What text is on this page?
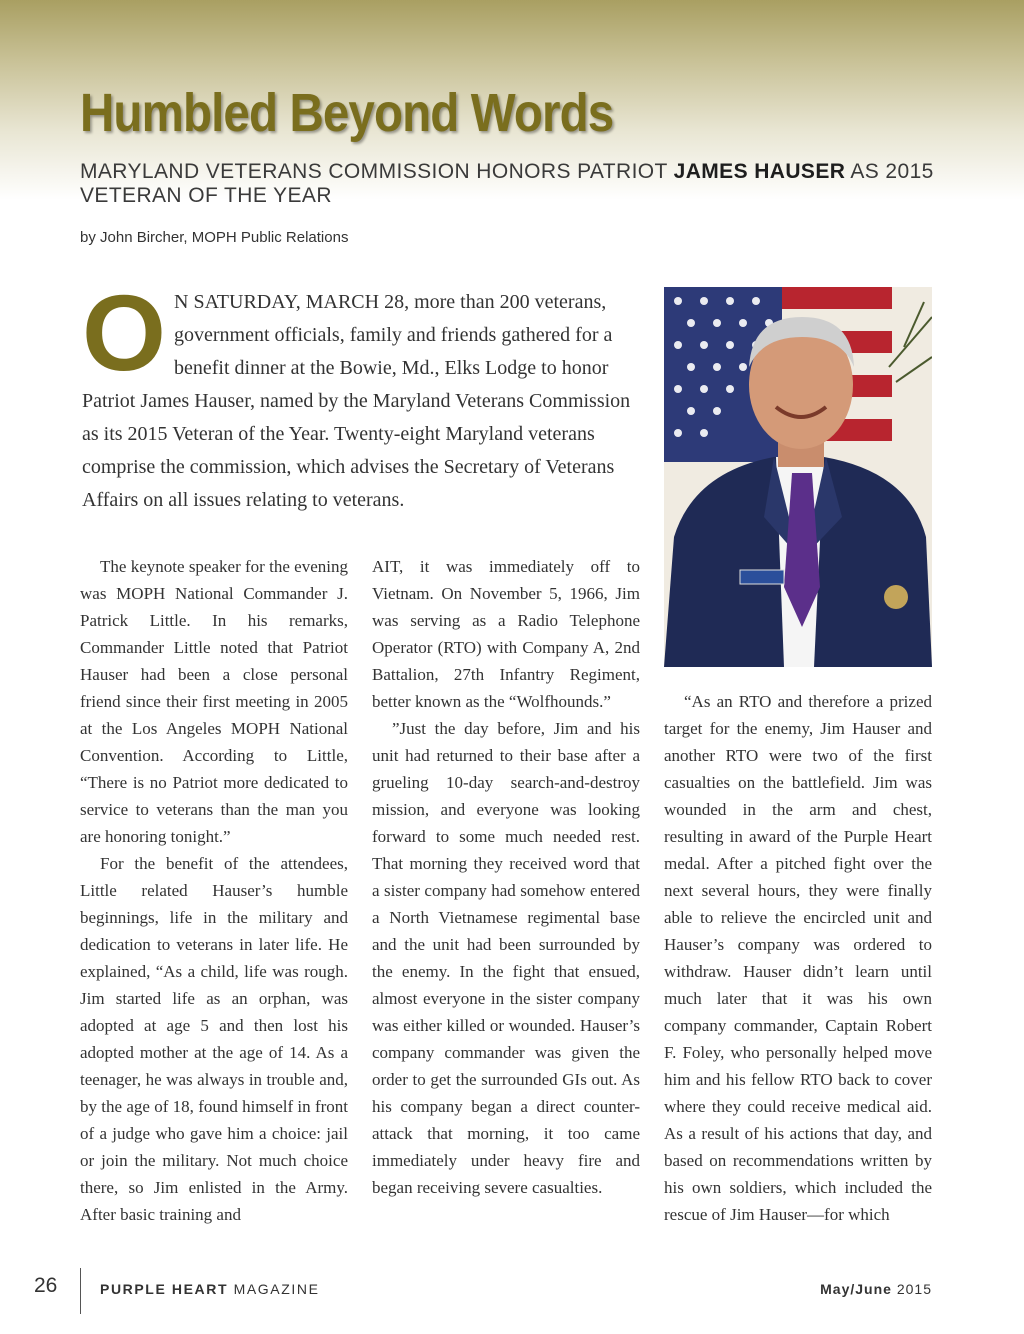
Humbled Beyond Words
MARYLAND VETERANS COMMISSION HONORS PATRIOT JAMES HAUSER AS 2015 VETERAN OF THE YEAR
by John Bircher, MOPH Public Relations
O N SATURDAY, MARCH 28, more than 200 veterans, government officials, family and friends gathered for a benefit dinner at the Bowie, Md., Elks Lodge to honor Patriot James Hauser, named by the Maryland Veterans Commission as its 2015 Veteran of the Year. Twenty-eight Maryland veterans comprise the commission, which advises the Secretary of Veterans Affairs on all issues relating to veterans.

The keynote speaker for the evening was MOPH National Commander J. Patrick Little. In his remarks, Commander Little noted that Patriot Hauser had been a close personal friend since their first meeting in 2005 at the Los Angeles MOPH National Convention. According to Little, “There is no Patriot more dedicated to service to veterans than the man you are honoring tonight.”

For the benefit of the attendees, Little related Hauser’s humble beginnings, life in the military and dedication to veterans in later life. He explained, “As a child, life was rough. Jim started life as an orphan, was adopted at age 5 and then lost his adopted mother at the age of 14. As a teenager, he was always in trouble and, by the age of 18, found himself in front of a judge who gave him a choice: jail or join the military. Not much choice there, so Jim enlisted in the Army. After basic training and

AIT, it was immediately off to Vietnam. On November 5, 1966, Jim was serving as a Radio Telephone Operator (RTO) with Company A, 2nd Battalion, 27th Infantry Regiment, better known as the “Wolfhounds.”

”Just the day before, Jim and his unit had returned to their base after a grueling 10-day search-and-destroy mission, and everyone was looking forward to some much needed rest. That morning they received word that a sister company had somehow entered a North Vietnamese regimental base and the unit had been surrounded by the enemy. In the fight that ensued, almost everyone in the sister company was either killed or wounded. Hauser’s company commander was given the order to get the surrounded GIs out. As his company began a direct counter-attack that morning, it too came immediately under heavy fire and began receiving severe casualties.

“As an RTO and therefore a prized target for the enemy, Jim Hauser and another RTO were two of the first casualties on the battlefield. Jim was wounded in the arm and chest, resulting in award of the Purple Heart medal. After a pitched fight over the next several hours, they were finally able to relieve the encircled unit and Hauser’s company was ordered to withdraw. Hauser didn’t learn until much later that it was his own company commander, Captain Robert F. Foley, who personally helped move him and his fellow RTO back to cover where they could receive medical aid. As a result of his actions that day, and based on recommendations written by his own soldiers, which included the rescue of Jim Hauser—for which

26	PURPLE HEART MAGAZINE	May/June 2015
